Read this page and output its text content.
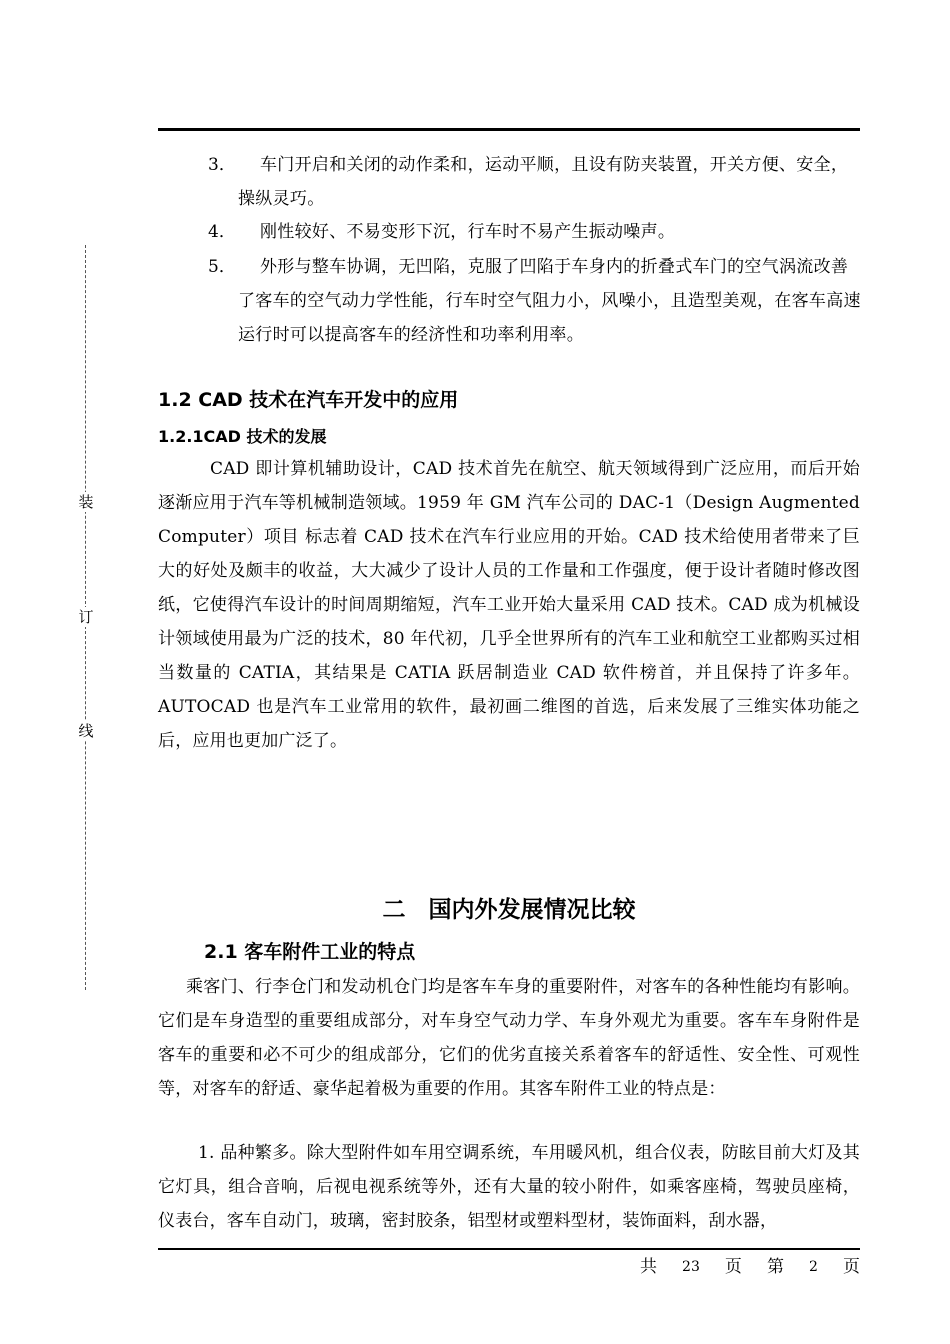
装
订
线
3．	车门开启和关闭的动作柔和，运动平顺，且设有防夹装置，开关方便、安全，操纵灵巧。
4．	刚性较好、不易变形下沉，行车时不易产生振动噪声。
5．	外形与整车协调，无凹陷，克服了凹陷于车身内的折叠式车门的空气涡流改善了客车的空气动力学性能，行车时空气阻力小，风噪小，且造型美观，在客车高速运行时可以提高客车的经济性和功率利用率。
1.2 CAD 技术在汽车开发中的应用
1.2.1CAD 技术的发展
CAD 即计算机辅助设计，CAD 技术首先在航空、航天领域得到广泛应用，而后开始逐渐应用于汽车等机械制造领域。1959 年 GM 汽车公司的 DAC-1（Design Augmented Computer）项目 标志着 CAD 技术在汽车行业应用的开始。CAD 技术给使用者带来了巨大的好处及颇丰的收益，大大减少了设计人员的工作量和工作强度，便于设计者随时修改图纸，它使得汽车设计的时间周期缩短，汽车工业开始大量采用 CAD 技术。CAD 成为机械设计领域使用最为广泛的技术，80 年代初，几乎全世界所有的汽车工业和航空工业都购买过相当数量的 CATIA，其结果是 CATIA 跃居制造业 CAD 软件榜首，并且保持了许多年。AUTOCAD 也是汽车工业常用的软件，最初画二维图的首选，后来发展了三维实体功能之后，应用也更加广泛了。
二　国内外发展情况比较
2.1 客车附件工业的特点
乘客门、行李仓门和发动机仓门均是客车车身的重要附件，对客车的各种性能均有影响。它们是车身造型的重要组成部分，对车身空气动力学、车身外观尤为重要。客车车身附件是客车的重要和必不可少的组成部分，它们的优劣直接关系着客车的舒适性、安全性、可观性等，对客车的舒适、豪华起着极为重要的作用。其客车附件工业的特点是：
1. 品种繁多。除大型附件如车用空调系统，车用暖风机，组合仪表，防眩目前大灯及其它灯具，组合音响，后视电视系统等外，还有大量的较小附件，如乘客座椅，驾驶员座椅，仪表台，客车自动门，玻璃，密封胶条，铝型材或塑料型材，装饰面料，刮水器，
共 23 页 第 2 页
